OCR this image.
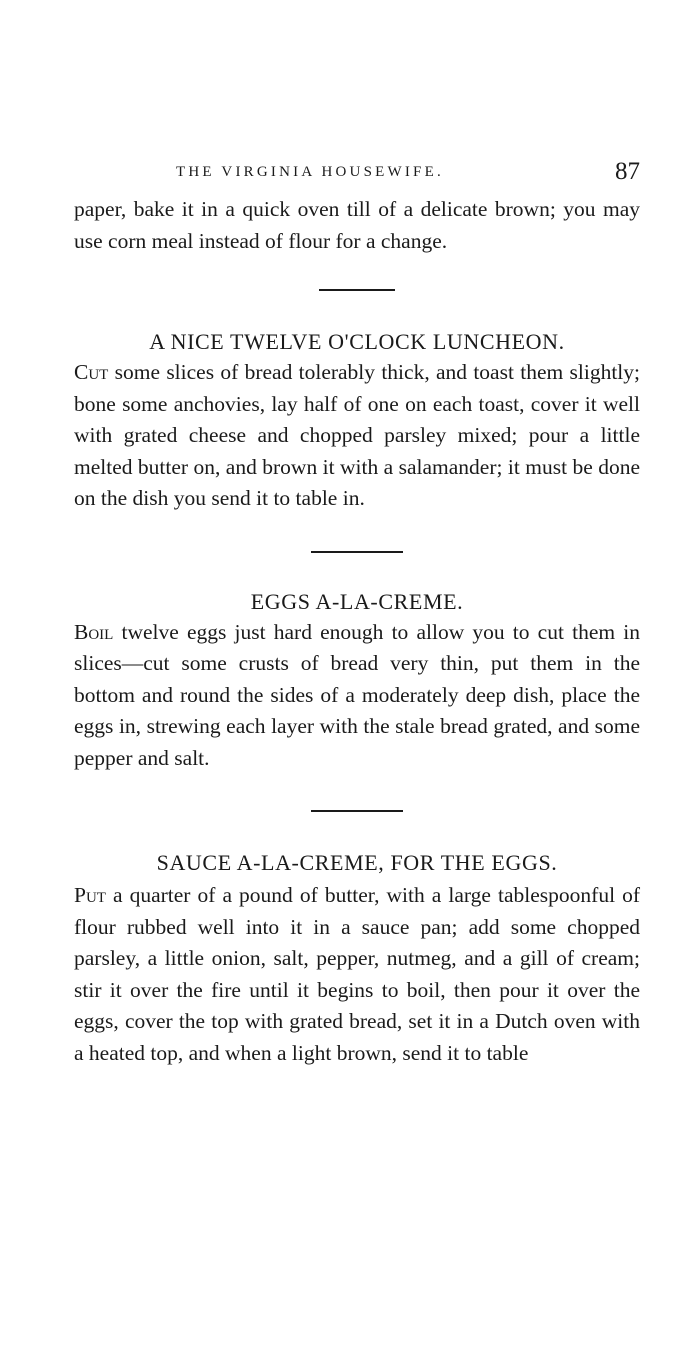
THE VIRGINIA HOUSEWIFE.	87

paper, bake it in a quick oven till of a delicate brown; you may use corn meal instead of flour for a change.

A NICE TWELVE O'CLOCK LUNCHEON.

Cut some slices of bread tolerably thick, and toast them slightly; bone some anchovies, lay half of one on each toast, cover it well with grated cheese and chopped parsley mixed; pour a little melted butter on, and brown it with a salamander; it must be done on the dish you send it to table in.

EGGS A-LA-CREME.

Boil twelve eggs just hard enough to allow you to cut them in slices—cut some crusts of bread very thin, put them in the bottom and round the sides of a moderately deep dish, place the eggs in, strewing each layer with the stale bread grated, and some pepper and salt.

SAUCE A-LA-CREME, FOR THE EGGS.

Put a quarter of a pound of butter, with a large tablespoonful of flour rubbed well into it in a sauce pan; add some chopped parsley, a little onion, salt, pepper, nutmeg, and a gill of cream; stir it over the fire until it begins to boil, then pour it over the eggs, cover the top with grated bread, set it in a Dutch oven with a heated top, and when a light brown, send it to table
